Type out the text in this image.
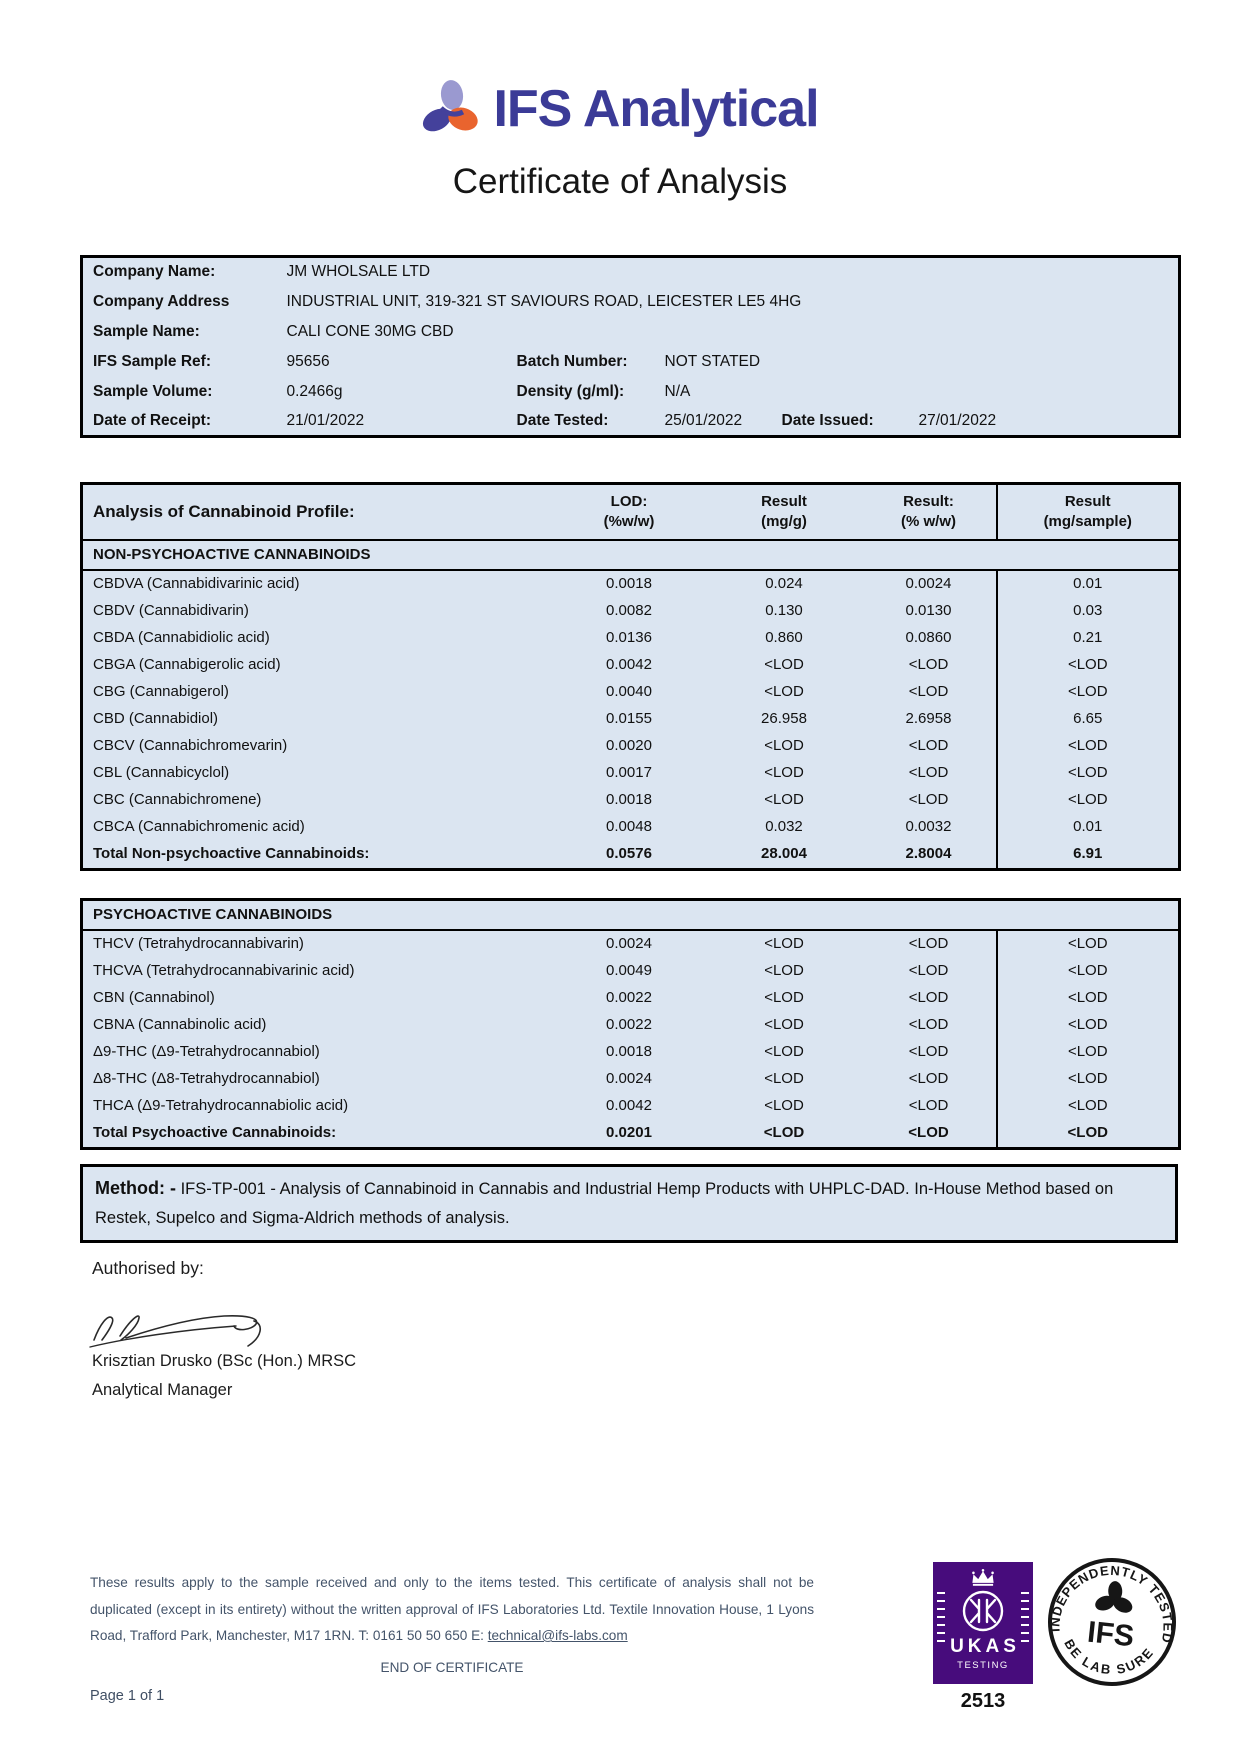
IFS Analytical
Certificate of Analysis
Company Name:	JM WHOLSALE LTD				
Company Address	INDUSTRIAL UNIT, 319-321 ST SAVIOURS ROAD, LEICESTER LE5 4HG				
Sample Name:	CALI CONE 30MG CBD				
IFS Sample Ref:	95656	Batch Number:	NOT STATED		
Sample Volume:	0.2466g	Density (g/ml):	N/A		
Date of Receipt:	21/01/2022	Date Tested:	25/01/2022	Date Issued:	27/01/2022
Analysis of Cannabinoid Profile:	LOD:
(%w/w)

Result
(mg/g)

Result:
(% w/w)

Result
(mg/sample)

NON-PSYCHOACTIVE CANNABINOIDS				
CBDVA (Cannabidivarinic acid)	0.0018	0.024	0.0024	0.01
CBDV (Cannabidivarin)	0.0082	0.130	0.0130	0.03
CBDA (Cannabidiolic acid)	0.0136	0.860	0.0860	0.21
CBGA (Cannabigerolic acid)	0.0042	<LOD	<LOD	<LOD
CBG (Cannabigerol)	0.0040	<LOD	<LOD	<LOD
CBD (Cannabidiol)	0.0155	26.958	2.6958	6.65
CBCV (Cannabichromevarin)	0.0020	<LOD	<LOD	<LOD
CBL (Cannabicyclol)	0.0017	<LOD	<LOD	<LOD
CBC (Cannabichromene)	0.0018	<LOD	<LOD	<LOD
CBCA (Cannabichromenic acid)	0.0048	0.032	0.0032	0.01
Total Non-psychoactive Cannabinoids:	0.0576	28.004	2.8004	6.91
PSYCHOACTIVE CANNABINOIDS				
THCV (Tetrahydrocannabivarin)	0.0024	<LOD	<LOD	<LOD
THCVA (Tetrahydrocannabivarinic acid)	0.0049	<LOD	<LOD	<LOD
CBN (Cannabinol)	0.0022	<LOD	<LOD	<LOD
CBNA (Cannabinolic acid)	0.0022	<LOD	<LOD	<LOD
Δ9-THC (Δ9-Tetrahydrocannabiol)	0.0018	<LOD	<LOD	<LOD
Δ8-THC (Δ8-Tetrahydrocannabiol)	0.0024	<LOD	<LOD	<LOD
THCA (Δ9-Tetrahydrocannabiolic acid)	0.0042	<LOD	<LOD	<LOD
Total Psychoactive Cannabinoids:	0.0201	<LOD	<LOD	<LOD
Method: - IFS-TP-001 - Analysis of Cannabinoid in Cannabis and Industrial Hemp Products with UHPLC-DAD. In-House Method based on Restek, Supelco and Sigma-Aldrich methods of analysis.
Authorised by:
Krisztian Drusko (BSc (Hon.) MRSC
Analytical Manager
These results apply to the sample received and only to the items tested. This certificate of analysis shall not be duplicated (except in its entirety) without the written approval of IFS Laboratories Ltd. Textile Innovation House, 1 Lyons Road, Trafford Park, Manchester, M17 1RN. T: 0161 50 50 650 E: technical@ifs-labs.com
END OF CERTIFICATE
Page 1 of 1
UKAS
TESTING
2513
INDEPENDENTLY TESTED
BE LAB SURE
IFS
